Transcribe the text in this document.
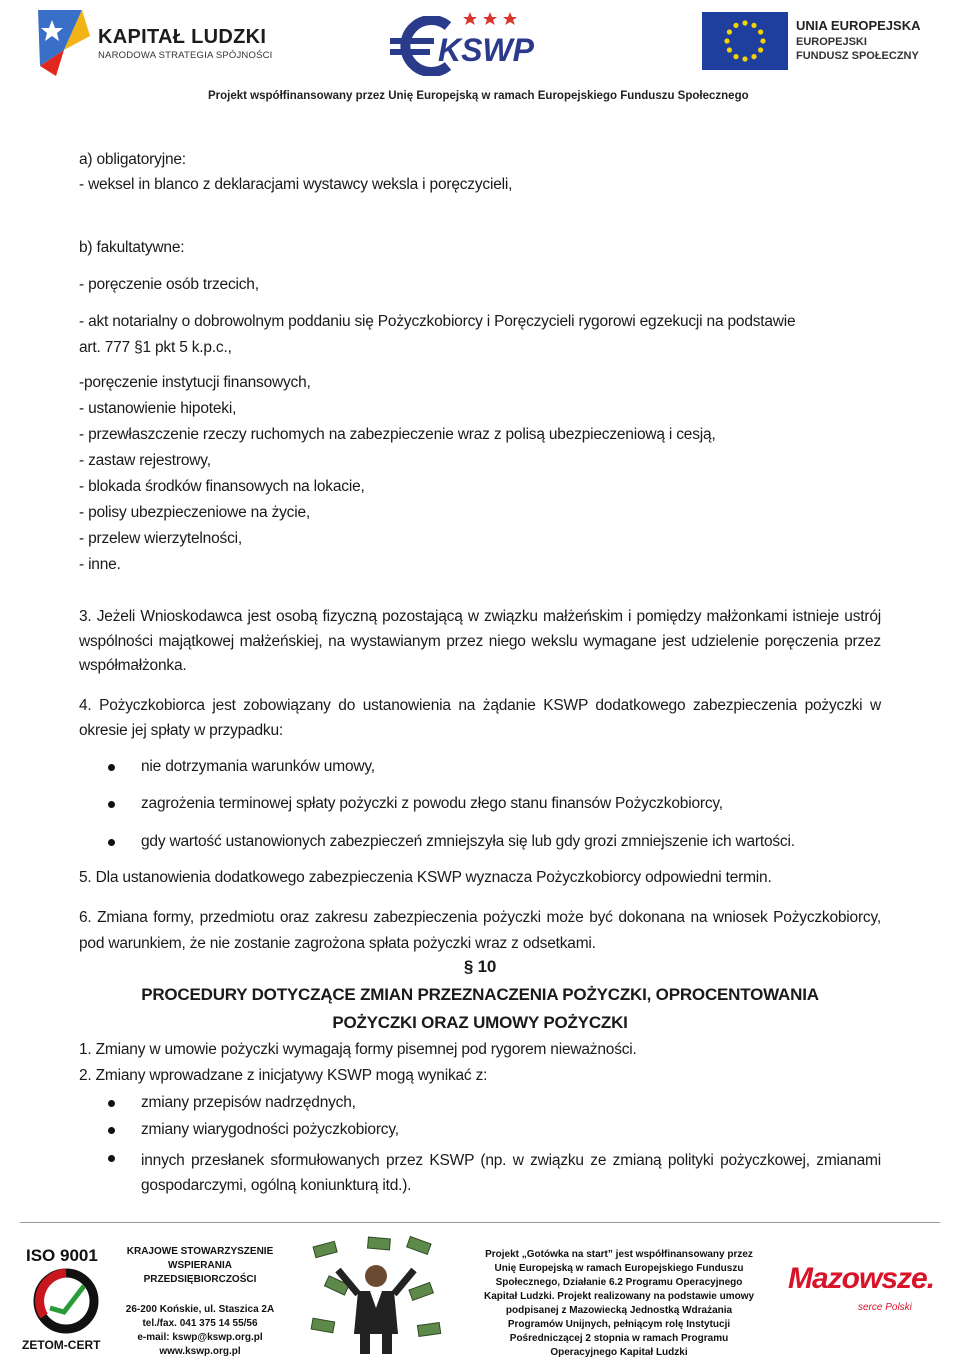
KAPITAŁ LUDZKI
NARODOWA STRATEGIA SPÓJNOŚCI	KSWP
UNIA EUROPEJSKA
EUROPEJSKI
FUNDUSZ SPOŁECZNY
Projekt współfinansowany przez Unię Europejską w ramach Europejskiego Funduszu Społecznego
a) obligatoryjne:
- weksel in blanco z deklaracjami wystawcy weksla i poręczycieli,
b) fakultatywne:
- poręczenie osób trzecich,
- akt notarialny o dobrowolnym poddaniu się Pożyczkobiorcy i Poręczycieli rygorowi egzekucji na podstawie
art. 777 §1 pkt 5 k.p.c.,
-poręczenie instytucji finansowych,
- ustanowienie hipoteki,
- przewłaszczenie rzeczy ruchomych na zabezpieczenie wraz z polisą ubezpieczeniową i cesją,
- zastaw rejestrowy,
- blokada środków finansowych na lokacie,
- polisy ubezpieczeniowe na życie,
- przelew wierzytelności,
- inne.
3. Jeżeli Wnioskodawca jest osobą fizyczną pozostającą w związku małżeńskim i pomiędzy małżonkami istnieje ustrój wspólności majątkowej małżeńskiej, na wystawianym przez niego wekslu wymagane jest udzielenie poręczenia przez współmałżonka.
4. Pożyczkobiorca jest zobowiązany do ustanowienia na żądanie KSWP dodatkowego zabezpieczenia pożyczki w okresie jej spłaty w przypadku:
nie dotrzymania warunków umowy,
zagrożenia terminowej spłaty pożyczki z powodu złego stanu finansów Pożyczkobiorcy,
gdy wartość ustanowionych zabezpieczeń zmniejszyła się lub gdy grozi zmniejszenie ich wartości.
5. Dla ustanowienia dodatkowego zabezpieczenia KSWP wyznacza Pożyczkobiorcy odpowiedni termin.
6. Zmiana formy, przedmiotu oraz zakresu zabezpieczenia pożyczki może być dokonana na wniosek Pożyczkobiorcy, pod warunkiem, że nie zostanie zagrożona spłata pożyczki wraz z odsetkami.
§ 10
PROCEDURY DOTYCZĄCE ZMIAN PRZEZNACZENIA POŻYCZKI, OPROCENTOWANIA
POŻYCZKI ORAZ UMOWY POŻYCZKI
1. Zmiany w umowie pożyczki wymagają formy pisemnej pod rygorem nieważności.
2. Zmiany wprowadzane z inicjatywy KSWP mogą wynikać z:
zmiany przepisów nadrzędnych,
zmiany wiarygodności pożyczkobiorcy,
innych przesłanek sformułowanych przez KSWP (np. w związku ze zmianą polityki pożyczkowej, zmianami gospodarczymi, ogólną koniunkturą itd.).
ISO 9001
ZETOM-CERT
KRAJOWE STOWARZYSZENIE
WSPIERANIA
PRZEDSIĘBIORCZOŚCI
26-200 Końskie, ul. Staszica 2A
tel./fax. 041 375 14 55/56
e-mail: kswp@kswp.org.pl
www.kswp.org.pl
Projekt „Gotówka na start” jest współfinansowany przez
Unię Europejską w ramach Europejskiego Funduszu
Społecznego, Działanie 6.2 Programu Operacyjnego
Kapitał Ludzki. Projekt realizowany na podstawie umowy
podpisanej z Mazowiecką Jednostką Wdrażania
Programów Unijnych, pełniącym rolę Instytucji
Pośredniczącej 2 stopnia w ramach Programu
Operacyjnego Kapitał Ludzki
Mazowsze.
serce Polski
